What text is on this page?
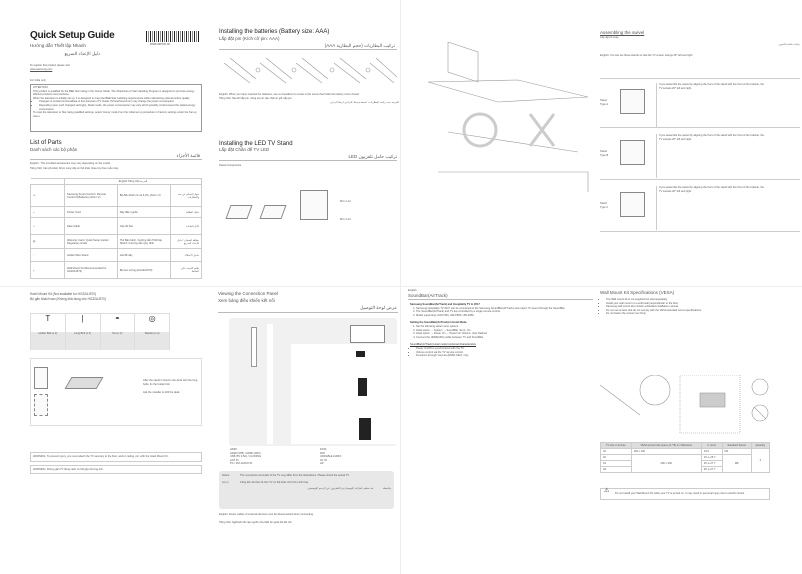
Quick Setup Guide
Hướng dẫn Thiết lập Nhanh
دليل الإعداد السريع
BN68-09879F-00
To register this product please visit
www.samsung.com
For India only
ATTENTION:
This product is qualified for the BEE Star rating in the 'Home' Mode. The Objectives of Star Labelling Program is designed to promote energy efficient products and practices.
When the television is initially set up, it is designed to meet the BEE Star Labelling requirements while maintaining optimal picture quality.
• Changes to certain functionalities of this television (TV Guide, Picture/Sound etc) may change the power consumption.
• Depending upon such changed setting(s), Retail mode, the power consumption may vary which possibly could exceed the stated energy consumption.
To reset the television to Star rating qualified settings, select 'Home' mode from the initial set up procedure in Factory settings under the Set up menu.
List of Parts
Danh sách các bộ phận
قائمة الأجزاء
English : The provided accessories may vary depending on the model.
Tiếng Việt: Các phụ kiện được cung cấp có thể khác nhau tùy theo mẫu máy.
	English Tiếng Việt العربية		
▭	Samsung Smart Control / Remote Control & Batteries (AAA x 2)	Bộ điều khiển từ xa & Pin (AAA x 2)	جهاز التحكم عن بعد والبطاريات
⌁	Power Cord	Dây điện nguồn	سلك الطاقة
∿	Data Cable	Cáp dữ liệu	كابل البيانات
▤	Warranty Card / Quick Setup Guide / Regulatory Guide	Thẻ Bảo hành / Hướng dẫn Thiết lập Nhanh / Hướng dẫn Quy định	بطاقة الضمان / دليل الإعداد السريع
◌	Holder-Wire Stand	Giá đỡ dây	حامل الأسلاك
┬	Wall Mount Kit (Recommended for HG32AJ570)	Bộ treo tường (HG32AJ570)	طقم التثبيت على الحائط
Installing the batteries (Battery size: AAA)
Lắp đặt pin (Kích cỡ pin: AAA)
تركيب البطاريات (حجم البطارية AAA)
English: When you have inserted the batteries, use a screwdriver to screw in the screw that holds the battery cover closed.
Tiếng Việt: Sau khi lắp pin, dùng tua vít vặn chặt vít giữ nắp pin.
العربية: بعد تركيب البطاريات، استخدم مفك البراغي لربط البرغي.
Installing the LED TV Stand
Lắp đặt Chân đế TV LED
تركيب حامل تلفزيون LED
Stand Components
M4 x L12
M4 x L14
Assembling the swivel
Lắp ráp bộ xoay
تركيب قاعدة التدوير
English: You can set these stands so that the TV screen swings 20° left and right.
Stand Type A
If you assemble the swivel by aligning the front of the stand with the front of the bracket, the TV swivels 20° left and right.
Stand Type B
If you assemble the swivel by aligning the front of the stand with the front of the bracket, the TV swivels 20° left and right.
Stand Type C
If you assemble the swivel by aligning the front of the stand with the front of the bracket, the TV swivels 20° left and right.
Hotel Mount Kit (Not available for HG32AJ570)
Bộ gắn khách sạn (Không khả dụng cho HG32AJ570)
T
Holder Bolt (x 2)
|
Long Bolt (x 2)
◓
Nut (x 2)
◎
Washer (x 2)
After the stand is fixed to the desk with the long bolts, fix the holder bolt.
Ask the installer to drill the desk.
WARNING: To prevent injury, you must attach the TV securely to the floor, wall or ceiling, etc. with the Hotel Mount Kit.
WARNING: Không gắn TV đúng cách có thể gây thương tích.
Viewing the Connection Panel
Xem bảng điều khiển kết nối
عرض لوحة التوصيل
HDMI
HDMI (STB) / HDMI (ARC)
USB (5V 0.5A) / CLONING
ANT IN
PC / DVI AUDIO IN
DATA
RJP
VARIABLE AUDIO
AV IN
HP
Notice	The connection terminals of the TV may differ from the illustrations. Please check the actual TV.
Lưu ý	Cổng kết nối thực tế trên TV có thể khác với hình minh họa.
ملاحظة
قد تختلف أطراف التوصيل في التلفزيون عن الرسم التوضيحي.
English: Power cables of external devices must be disconnected when connecting.
Tiếng Việt: Ngắt kết nối cáp nguồn của thiết bị ngoài khi kết nối.
English
SoundBar(AirTrack)
Samsung SoundBar(AirTrack) and Hospitality TV in 2017
1. Samsung Hospitality TV 2017 can be connected to the Samsung SoundBar(AirTrack) and output TV sound through the SoundBar.
2. The SoundBar(AirTrack) and TV are controlled by a single remote control.
3. Model supporting: HW-K450, HW-K550, HW-K650
Setting the SoundBar(AirTrack) in Hotel Mode.
1. Set the following Hotel menu options.
2. Hotel option → System → SoundBar: Set 1, On
3. Hotel option → Power On → Power On Volume: User Defined
4. Connect the HDMI(ARC) cable between TV and SoundBar.
SoundBar(AirTrack) Hotel mode functional characteristics
• Power On/Off is synchronized with the TV.
• Volume control via the TV remote control.
• Functions through 'Anynet+(HDMI-CEC)' only.
Wall Mount Kit Specifications (VESA)
• The Wall mount kit is not supplied but sold separately.
• Install your wall mount on a solid wall perpendicular to the floor.
• Samsung wall mount kits contain a detailed installation manual.
• Do not use screws that do not comply with the VESA standard screw specifications.
• Do not fasten the screws too firmly.
TV size in inches	VESA screw hole specs (A * B) in millimeters	C (mm)	Standard Screw	Quantity
32	100 x 100	19.5	M4	4
40	200 x 200	23.1~25.7	M8	
43		25.1~27.7		
49		25.1~27.7		
⚠ Do not install your Wall Mount Kit while your TV is turned on. It may result in personal injury due to electric shock.
